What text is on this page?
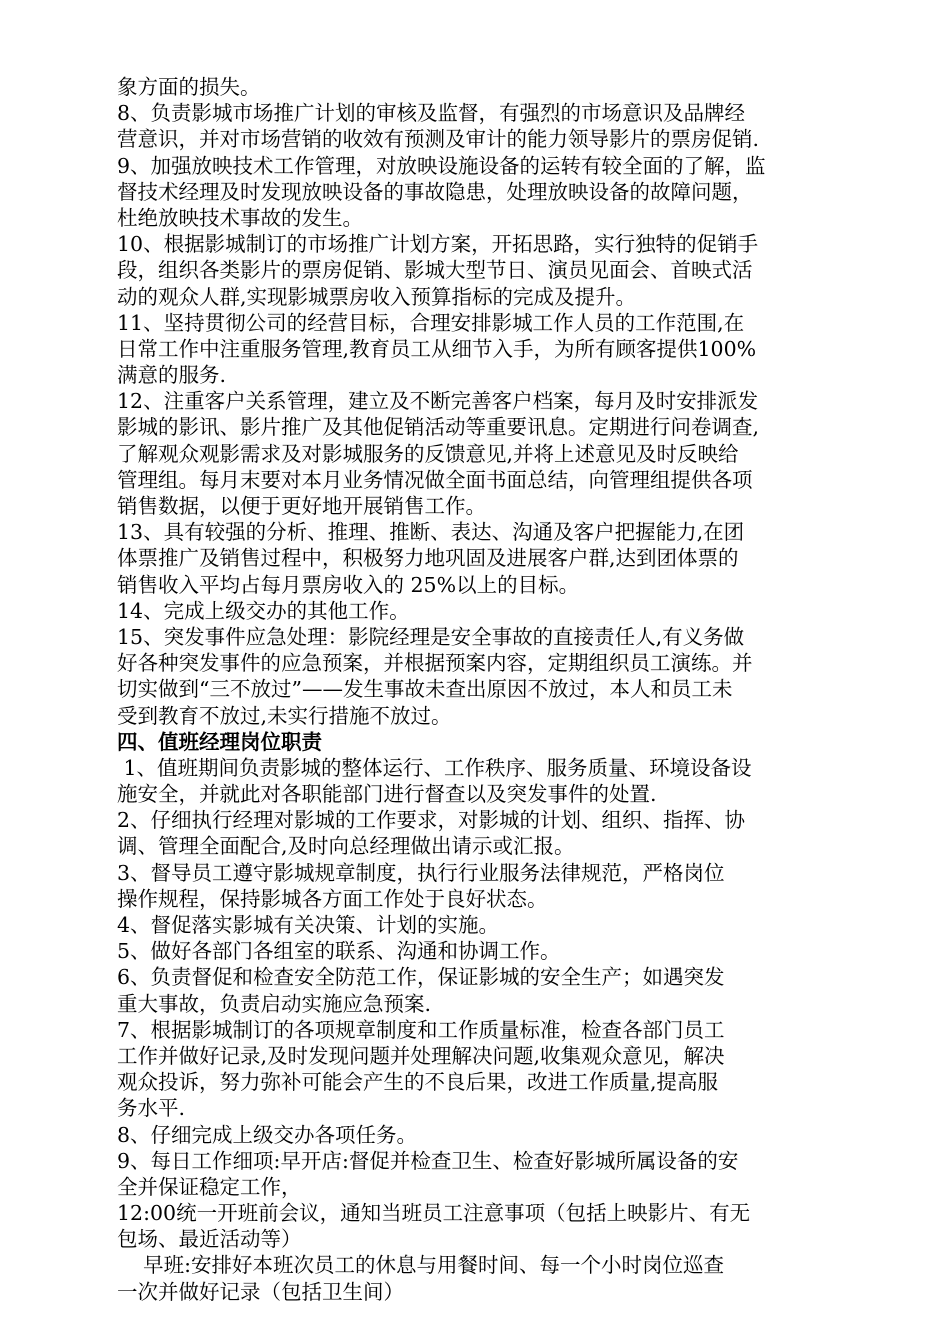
象方面的损失。
8、负责影城市场推广计划的审核及监督，有强烈的市场意识及品牌经
营意识，并对市场营销的收效有预测及审计的能力领导影片的票房促销.
9、加强放映技术工作管理，对放映设施设备的运转有较全面的了解，监
督技术经理及时发现放映设备的事故隐患，处理放映设备的故障问题，
杜绝放映技术事故的发生。
10、根据影城制订的市场推广计划方案，开拓思路，实行独特的促销手
段，组织各类影片的票房促销、影城大型节日、演员见面会、首映式活
动的观众人群,实现影城票房收入预算指标的完成及提升。
11、坚持贯彻公司的经营目标，合理安排影城工作人员的工作范围,在
日常工作中注重服务管理,教育员工从细节入手，为所有顾客提供100%
满意的服务.
12、注重客户关系管理，建立及不断完善客户档案，每月及时安排派发
影城的影讯、影片推广及其他促销活动等重要讯息。定期进行问卷调查,
了解观众观影需求及对影城服务的反馈意见,并将上述意见及时反映给
管理组。每月末要对本月业务情况做全面书面总结，向管理组提供各项
销售数据，以便于更好地开展销售工作。
13、具有较强的分析、推理、推断、表达、沟通及客户把握能力,在团
体票推广及销售过程中，积极努力地巩固及进展客户群,达到团体票的
销售收入平均占每月票房收入的 25%以上的目标。
14、完成上级交办的其他工作。
15、突发事件应急处理：影院经理是安全事故的直接责任人,有义务做
好各种突发事件的应急预案，并根据预案内容，定期组织员工演练。并
切实做到“三不放过”——发生事故未查出原因不放过，本人和员工未
受到教育不放过,未实行措施不放过。
四、值班经理岗位职责
1、值班期间负责影城的整体运行、工作秩序、服务质量、环境设备设
施安全，并就此对各职能部门进行督查以及突发事件的处置.
2、仔细执行经理对影城的工作要求，对影城的计划、组织、指挥、协
调、管理全面配合,及时向总经理做出请示或汇报。
3、督导员工遵守影城规章制度，执行行业服务法律规范，严格岗位
操作规程，保持影城各方面工作处于良好状态。
4、督促落实影城有关决策、计划的实施。
5、做好各部门各组室的联系、沟通和协调工作。
6、负责督促和检查安全防范工作，保证影城的安全生产；如遇突发
重大事故，负责启动实施应急预案.
7、根据影城制订的各项规章制度和工作质量标准，检查各部门员工
工作并做好记录,及时发现问题并处理解决问题,收集观众意见，解决
观众投诉，努力弥补可能会产生的不良后果，改进工作质量,提高服
务水平.
8、仔细完成上级交办各项任务。
9、每日工作细项:早开店:督促并检查卫生、检查好影城所属设备的安
全并保证稳定工作，
12:00统一开班前会议，通知当班员工注意事项（包括上映影片、有无
包场、最近活动等）
早班:安排好本班次员工的休息与用餐时间、每一个小时岗位巡查
一次并做好记录（包括卫生间）
